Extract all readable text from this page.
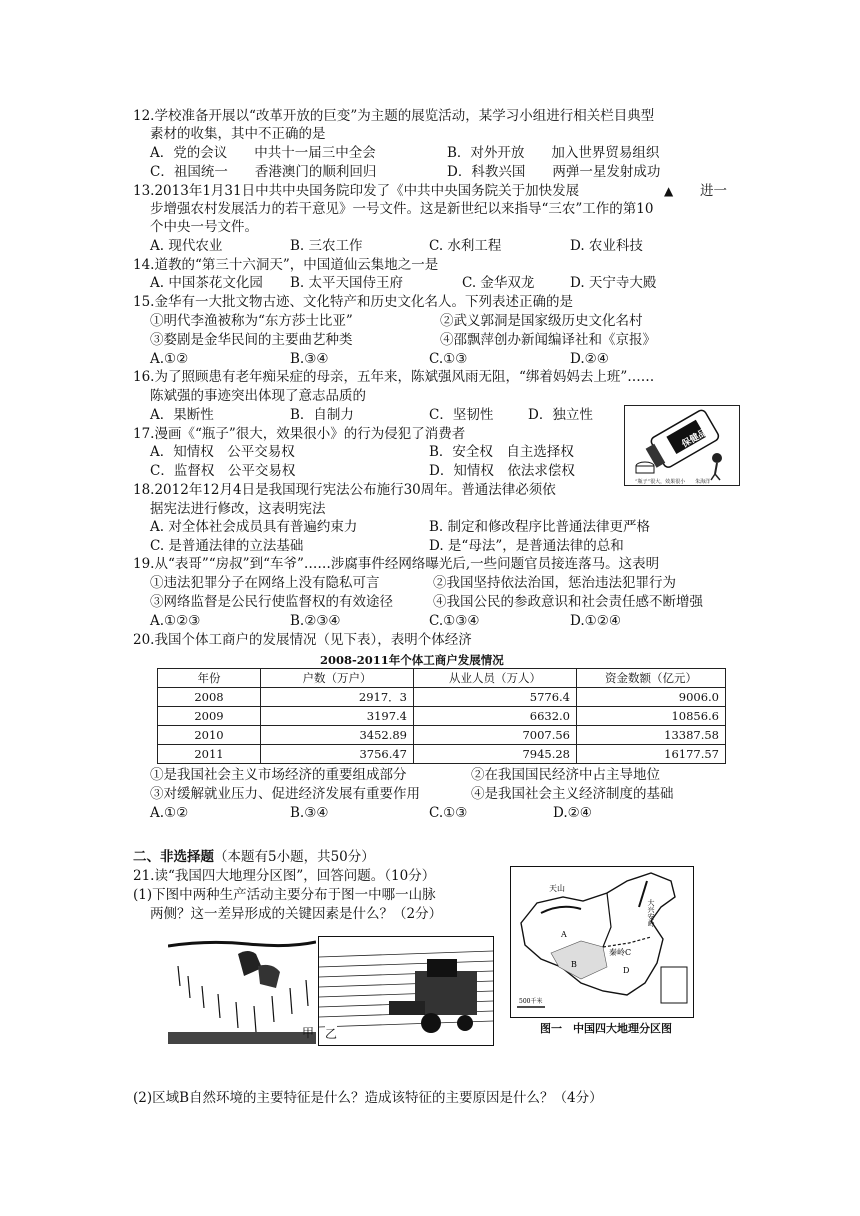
12.学校准备开展以“改革开放的巨变”为主题的展览活动，某学习小组进行相关栏目典型
素材的收集，其中不正确的是
A．党的会议　　中共十一届三中全会	B．对外开放　　加入世界贸易组织
C．祖国统一　　香港澳门的顺利回归	D．科教兴国　　两弹一星发射成功
13.2013年1月31日中共中央国务院印发了《中共中央国务院关于加快发展	▲ 进一
步增强农村发展活力的若干意见》一号文件。这是新世纪以来指导“三农”工作的第10
个中央一号文件。
A. 现代农业	B. 三农工作	C. 水利工程	D. 农业科技
14.道教的“第三十六洞天”，中国道仙云集地之一是
A. 中国茶花文化园 B. 太平天国侍王府	C. 金华双龙	D. 天宁寺大殿
15.金华有一大批文物古迹、文化特产和历史文化名人。下列表述正确的是
①明代李渔被称为“东方莎士比亚”	②武义郭洞是国家级历史文化名村
③婺剧是金华民间的主要曲艺种类	④邵飘萍创办新闻编译社和《京报》
A.①②	B.③④	C.①③	D.②④
16.为了照顾患有老年痴呆症的母亲，五年来，陈斌强风雨无阻，“绑着妈妈去上班”……
陈斌强的事迹突出体现了意志品质的
A．果断性	B．自制力	C．坚韧性	D．独立性
保健品
“瓶子”很大，效果很小　　朱海洋
17.漫画《“瓶子”很大，效果很小》的行为侵犯了消费者
A．知情权　公平交易权	B．安全权　自主选择权
C．监督权　公平交易权	D．知情权　依法求偿权
18.2012年12月4日是我国现行宪法公布施行30周年。普通法律必须依
据宪法进行修改，这表明宪法
A. 对全体社会成员具有普遍约束力	B. 制定和修改程序比普通法律更严格
C. 是普通法律的立法基础	D. 是“母法”，是普通法律的总和
19.从“表哥”“房叔”到“车爷”……涉腐事件经网络曝光后,一些问题官员接连落马。这表明
①违法犯罪分子在网络上没有隐私可言	②我国坚持依法治国，惩治违法犯罪行为
③网络监督是公民行使监督权的有效途径	④我国公民的参政意识和社会责任感不断增强
A.①②③	B.②③④	C.①③④	D.①②④
20.我国个体工商户的发展情况（见下表），表明个体经济
2008-2011年个体工商户发展情况
年份	户数（万户）	从业人员（万人）	资金数额（亿元）
2008	2917．3	5776.4	9006.0
2009	3197.4	6632.0	10856.6
2010	3452.89	7007.56	13387.58
2011	3756.47	7945.28	16177.57
①是我国社会主义市场经济的重要组成部分	②在我国国民经济中占主导地位
③对缓解就业压力、促进经济发展有重要作用	④是我国社会主义经济制度的基础
A.①②	B.③④	C.①③	D.②④
二、非选择题（本题有5小题，共50分）
21.读“我国四大地理分区图”，回答问题。（10分）
(1)下图中两种生产活动主要分布于图一中哪一山脉
两侧？这一差异形成的关键因素是什么？（2分）
甲 乙
天山
大兴安岭
秦岭C
A
B
D
500千米
图一　中国四大地理分区图
(2)区域B自然环境的主要特征是什么？造成该特征的主要原因是什么？（4分）
